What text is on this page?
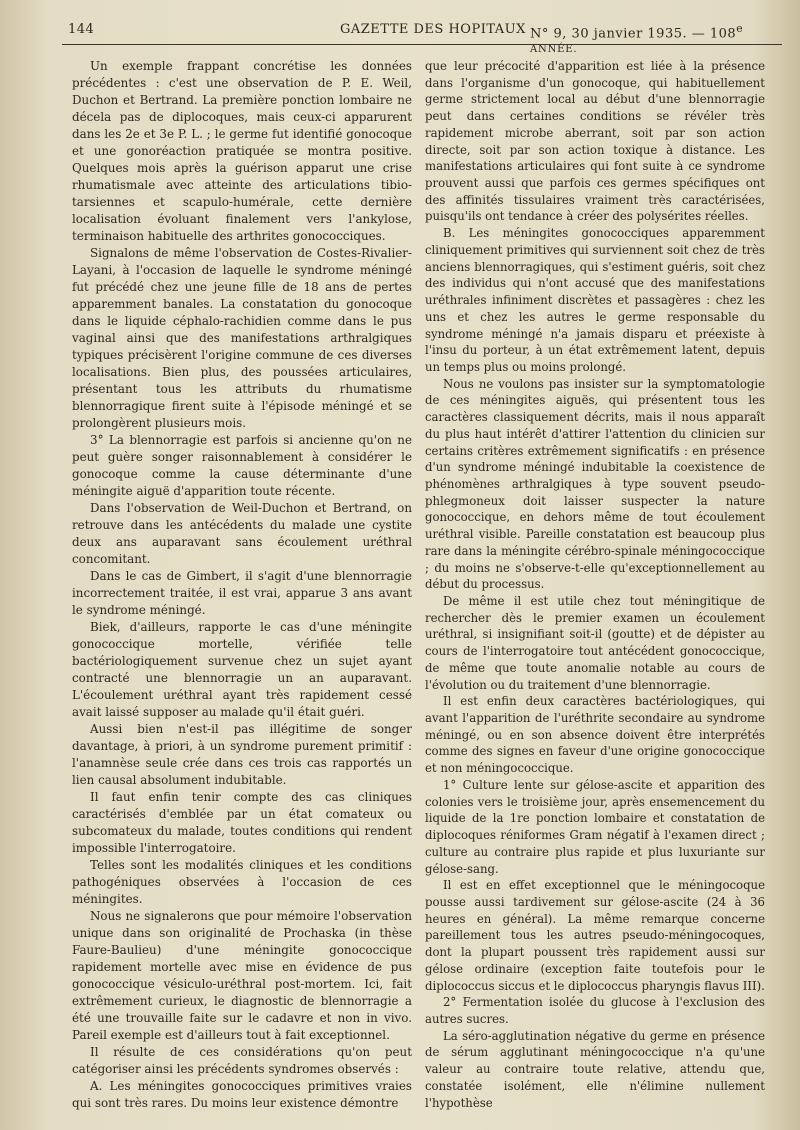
144	GAZETTE DES HOPITAUX N° 9, 30 janvier 1935. — 108e ANNÉE.

Un exemple frappant concrétise les données précédentes : c'est une observation de P. E. Weil, Duchon et Bertrand. La première ponction lombaire ne décela pas de diplocoques, mais ceux-ci apparurent dans les 2e et 3e P. L. ; le germe fut identifié gonocoque et une gonoréaction pratiquée se montra positive. Quelques mois après la guérison apparut une crise rhumatismale avec atteinte des articulations tibio-tarsiennes et scapulo-humérale, cette dernière localisation évoluant finalement vers l'ankylose, terminaison habituelle des arthrites gonococciques.

Signalons de même l'observation de Costes-Rivalier-Layani, à l'occasion de laquelle le syndrome méningé fut précédé chez une jeune fille de 18 ans de pertes apparemment banales. La constatation du gonocoque dans le liquide céphalo-rachidien comme dans le pus vaginal ainsi que des manifestations arthralgiques typiques précisèrent l'origine commune de ces diverses localisations. Bien plus, des poussées articulaires, présentant tous les attributs du rhumatisme blennorragique firent suite à l'épisode méningé et se prolongèrent plusieurs mois.

3° La blennorragie est parfois si ancienne qu'on ne peut guère songer raisonnablement à considérer le gonocoque comme la cause déterminante d'une méningite aiguë d'apparition toute récente.

Dans l'observation de Weil-Duchon et Bertrand, on retrouve dans les antécédents du malade une cystite deux ans auparavant sans écoulement uréthral concomitant.

Dans le cas de Gimbert, il s'agit d'une blennorragie incorrectement traitée, il est vrai, apparue 3 ans avant le syndrome méningé.

Biek, d'ailleurs, rapporte le cas d'une méningite gonococcique mortelle, vérifiée telle bactériologiquement survenue chez un sujet ayant contracté une blennorragie un an auparavant. L'écoulement uréthral ayant très rapidement cessé avait laissé supposer au malade qu'il était guéri.

Aussi bien n'est-il pas illégitime de songer davantage, à priori, à un syndrome purement primitif : l'anamnèse seule crée dans ces trois cas rapportés un lien causal absolument indubitable.

Il faut enfin tenir compte des cas cliniques caractérisés d'emblée par un état comateux ou subcomateux du malade, toutes conditions qui rendent impossible l'interrogatoire.

Telles sont les modalités cliniques et les conditions pathogéniques observées à l'occasion de ces méningites.

Nous ne signalerons que pour mémoire l'observation unique dans son originalité de Prochaska (in thèse Faure-Baulieu) d'une méningite gonococcique rapidement mortelle avec mise en évidence de pus gonococcique vésiculo-uréthral post-mortem. Ici, fait extrêmement curieux, le diagnostic de blennorragie a été une trouvaille faite sur le cadavre et non in vivo. Pareil exemple est d'ailleurs tout à fait exceptionnel.

Il résulte de ces considérations qu'on peut catégoriser ainsi les précédents syndromes observés :

A. Les méningites gonococciques primitives vraies qui sont très rares. Du moins leur existence démontre

que leur précocité d'apparition est liée à la présence dans l'organisme d'un gonocoque, qui habituellement germe strictement local au début d'une blennorragie peut dans certaines conditions se révéler très rapidement microbe aberrant, soit par son action directe, soit par son action toxique à distance. Les manifestations articulaires qui font suite à ce syndrome prouvent aussi que parfois ces germes spécifiques ont des affinités tissulaires vraiment très caractérisées, puisqu'ils ont tendance à créer des polysérites réelles.

B. Les méningites gonococciques apparemment cliniquement primitives qui surviennent soit chez de très anciens blennorragiques, qui s'estiment guéris, soit chez des individus qui n'ont accusé que des manifestations uréthrales infiniment discrètes et passagères : chez les uns et chez les autres le germe responsable du syndrome méningé n'a jamais disparu et préexiste à l'insu du porteur, à un état extrêmement latent, depuis un temps plus ou moins prolongé.

Nous ne voulons pas insister sur la symptomatologie de ces méningites aiguës, qui présentent tous les caractères classiquement décrits, mais il nous apparaît du plus haut intérêt d'attirer l'attention du clinicien sur certains critères extrêmement significatifs : en présence d'un syndrome méningé indubitable la coexistence de phénomènes arthralgiques à type souvent pseudo-phlegmoneux doit laisser suspecter la nature gonococcique, en dehors même de tout écoulement uréthral visible. Pareille constatation est beaucoup plus rare dans la méningite cérébro-spinale méningococcique ; du moins ne s'observe-t-elle qu'exceptionnellement au début du processus.

De même il est utile chez tout méningitique de rechercher dès le premier examen un écoulement uréthral, si insignifiant soit-il (goutte) et de dépister au cours de l'interrogatoire tout antécédent gonococcique, de même que toute anomalie notable au cours de l'évolution ou du traitement d'une blennorragie.

Il est enfin deux caractères bactériologiques, qui avant l'apparition de l'uréthrite secondaire au syndrome méningé, ou en son absence doivent être interprétés comme des signes en faveur d'une origine gonococcique et non méningococcique.

1° Culture lente sur gélose-ascite et apparition des colonies vers le troisième jour, après ensemencement du liquide de la 1re ponction lombaire et constatation de diplocoques réniformes Gram négatif à l'examen direct ; culture au contraire plus rapide et plus luxuriante sur gélose-sang.

Il est en effet exceptionnel que le méningocoque pousse aussi tardivement sur gélose-ascite (24 à 36 heures en général). La même remarque concerne pareillement tous les autres pseudo-méningocoques, dont la plupart poussent très rapidement aussi sur gélose ordinaire (exception faite toutefois pour le diplococcus siccus et le diplococcus pharyngis flavus III).

2° Fermentation isolée du glucose à l'exclusion des autres sucres.

La séro-agglutination négative du germe en présence de sérum agglutinant méningococcique n'a qu'une valeur au contraire toute relative, attendu que, constatée isolément, elle n'élimine nullement l'hypothèse
